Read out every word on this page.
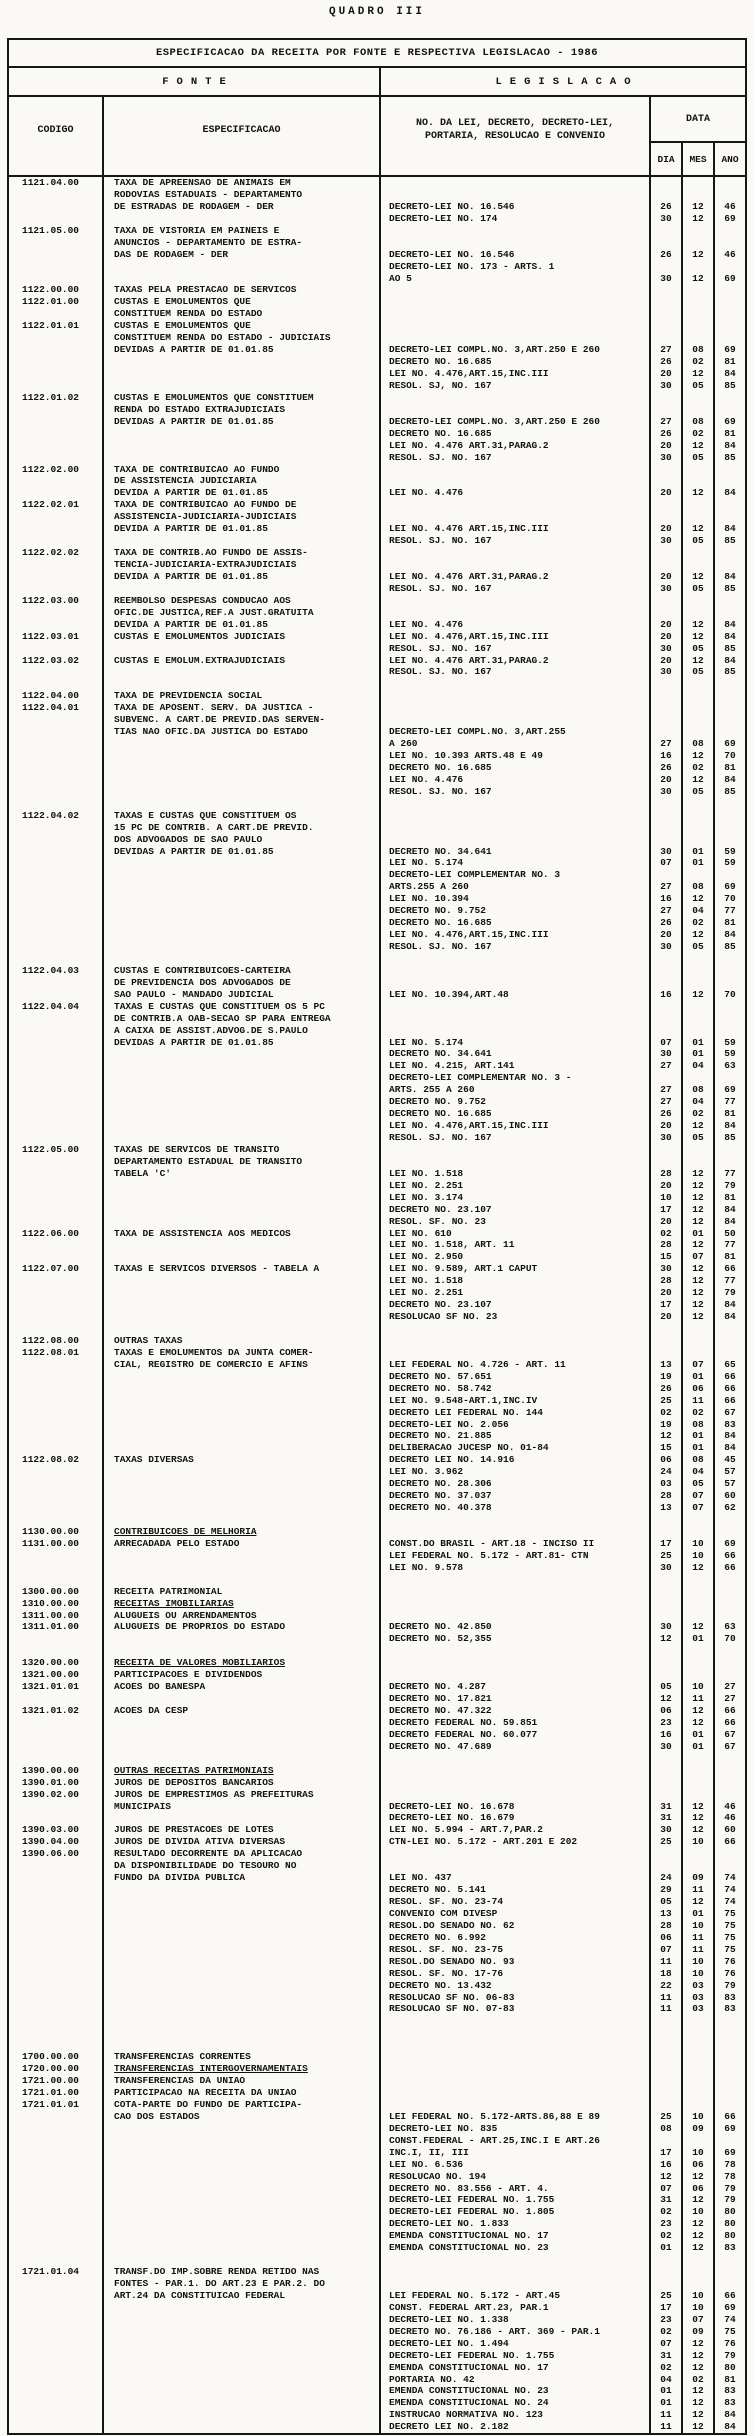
QUADRO III
ESPECIFICACAO DA RECEITA POR FONTE E RESPECTIVA LEGISLACAO - 1986
FONTE	LEGISLACAO
CODIGO	ESPECIFICACAO
NO. DA LEI, DECRETO, DECRETO-LEI,
PORTARIA, RESOLUCAO E CONVENIO
DATA
DIA	MES	ANO
1121.04.00	TAXA DE APREENSAO DE ANIMAIS EM
RODOVIAS ESTADUAIS - DEPARTAMENTO
DE ESTRADAS DE RODAGEM - DER	DECRETO-LEI NO. 16.546	26	12	46
DECRETO-LEI NO. 174	30	12	69
1121.05.00	TAXA DE VISTORIA EM PAINEIS E
ANUNCIOS - DEPARTAMENTO DE ESTRA-
DAS DE RODAGEM - DER	DECRETO-LEI NO. 16.546	26	12	46
DECRETO-LEI NO. 173 - ARTS. 1
AO 5	30	12	69
1122.00.00	TAXAS PELA PRESTACAO DE SERVICOS
1122.01.00	CUSTAS E EMOLUMENTOS QUE
CONSTITUEM RENDA DO ESTADO
1122.01.01	CUSTAS E EMOLUMENTOS QUE
CONSTITUEM RENDA DO ESTADO - JUDICIAIS
DEVIDAS A PARTIR DE 01.01.85	DECRETO-LEI COMPL.NO. 3,ART.250 E 260	27	08	69
DECRETO NO. 16.685	26	02	81
LEI NO. 4.476,ART.15,INC.III	20	12	84
RESOL. SJ, NO. 167	30	05	85
1122.01.02	CUSTAS E EMOLUMENTOS QUE CONSTITUEM
RENDA DO ESTADO EXTRAJUDICIAIS
DEVIDAS A PARTIR DE 01.01.85	DECRETO-LEI COMPL.NO. 3,ART.250 E 260	27	08	69
DECRETO NO. 16.685	26	02	81
LEI NO. 4.476 ART.31,PARAG.2	20	12	84
RESOL. SJ. NO. 167	30	05	85
1122.02.00	TAXA DE CONTRIBUICAO AO FUNDO
DE ASSISTENCIA JUDICIARIA
DEVIDA A PARTIR DE 01.01.85	LEI NO. 4.476	20	12	84
1122.02.01	TAXA DE CONTRIBUICAO AO FUNDO DE
ASSISTENCIA-JUDICIARIA-JUDICIAIS
DEVIDA A PARTIR DE 01.01.85	LEI NO. 4.476 ART.15,INC.III	20	12	84
RESOL. SJ. NO. 167	30	05	85
1122.02.02	TAXA DE CONTRIB.AO FUNDO DE ASSIS-
TENCIA-JUDICIARIA-EXTRAJUDICIAIS
DEVIDA A PARTIR DE 01.01.85	LEI NO. 4.476 ART.31,PARAG.2	20	12	84
RESOL. SJ. NO. 167	30	05	85
1122.03.00	REEMBOLSO DESPESAS CONDUCAO AOS
OFIC.DE JUSTICA,REF.A JUST.GRATUITA
DEVIDA A PARTIR DE 01.01.85	LEI NO. 4.476	20	12	84
1122.03.01	CUSTAS E EMOLUMENTOS JUDICIAIS	LEI NO. 4.476,ART.15,INC.III	20	12	84
RESOL. SJ. NO. 167	30	05	85
1122.03.02	CUSTAS E EMOLUM.EXTRAJUDICIAIS	LEI NO. 4.476 ART.31,PARAG.2	20	12	84
RESOL. SJ. NO. 167	30	05	85
1122.04.00	TAXA DE PREVIDENCIA SOCIAL
1122.04.01	TAXA DE APOSENT. SERV. DA JUSTICA -
SUBVENC. A CART.DE PREVID.DAS SERVEN-
TIAS NAO OFIC.DA JUSTICA DO ESTADO	DECRETO-LEI COMPL.NO. 3,ART.255
A 260	27	08	69
LEI NO. 10.393 ARTS.48 E 49	16	12	70
DECRETO NO. 16.685	26	02	81
LEI NO. 4.476	20	12	84
RESOL. SJ. NO. 167	30	05	85
1122.04.02	TAXAS E CUSTAS QUE CONSTITUEM OS
15 PC DE CONTRIB. A CART.DE PREVID.
DOS ADVOGADOS DE SAO PAULO
DEVIDAS A PARTIR DE 01.01.85	DECRETO NO. 34.641	30	01	59
LEI NO. 5.174	07	01	59
DECRETO-LEI COMPLEMENTAR NO. 3
ARTS.255 A 260	27	08	69
LEI NO. 10.394	16	12	70
DECRETO NO. 9.752	27	04	77
DECRETO NO. 16.685	26	02	81
LEI NO. 4.476,ART.15,INC.III	20	12	84
RESOL. SJ. NO. 167	30	05	85
1122.04.03	CUSTAS E CONTRIBUICOES-CARTEIRA
DE PREVIDENCIA DOS ADVOGADOS DE
SAO PAULO - MANDADO JUDICIAL	LEI NO. 10.394,ART.48	16	12	70
1122.04.04	TAXAS E CUSTAS QUE CONSTITUEM OS 5 PC
DE CONTRIB.A OAB-SECAO SP PARA ENTREGA
A CAIXA DE ASSIST.ADVOG.DE S.PAULO
DEVIDAS A PARTIR DE 01.01.85	LEI NO. 5.174	07	01	59
DECRETO NO. 34.641	30	01	59
LEI NO. 4.215, ART.141	27	04	63
DECRETO-LEI COMPLEMENTAR NO. 3 -
ARTS. 255 A 260	27	08	69
DECRETO NO. 9.752	27	04	77
DECRETO NO. 16.685	26	02	81
LEI NO. 4.476,ART.15,INC.III	20	12	84
RESOL. SJ. NO. 167	30	05	85
1122.05.00	TAXAS DE SERVICOS DE TRANSITO
DEPARTAMENTO ESTADUAL DE TRANSITO
TABELA 'C'	LEI NO. 1.518	28	12	77
LEI NO. 2.251	20	12	79
LEI NO. 3.174	10	12	81
DECRETO NO. 23.107	17	12	84
RESOL. SF. NO. 23	20	12	84
1122.06.00	TAXA DE ASSISTENCIA AOS MEDICOS	LEI NO. 610	02	01	50
LEI NO. 1.518, ART. 11	28	12	77
LEI NO. 2.950	15	07	81
1122.07.00	TAXAS E SERVICOS DIVERSOS - TABELA A	LEI NO. 9.589, ART.1 CAPUT	30	12	66
LEI NO. 1.518	28	12	77
LEI NO. 2.251	20	12	79
DECRETO NO. 23.107	17	12	84
RESOLUCAO SF NO. 23	20	12	84
1122.08.00	OUTRAS TAXAS
1122.08.01	TAXAS E EMOLUMENTOS DA JUNTA COMER-
CIAL, REGISTRO DE COMERCIO E AFINS	LEI FEDERAL NO. 4.726 - ART. 11	13	07	65
DECRETO NO. 57.651	19	01	66
DECRETO NO. 58.742	26	06	66
LEI NO. 9.548-ART.1,INC.IV	25	11	66
DECRETO LEI FEDERAL NO. 144	02	02	67
DECRETO-LEI NO. 2.056	19	08	83
DECRETO NO. 21.885	12	01	84
DELIBERACAO JUCESP NO. 01-84	15	01	84
1122.08.02	TAXAS DIVERSAS	DECRETO LEI NO. 14.916	06	08	45
LEI NO. 3.962	24	04	57
DECRETO NO. 28.306	03	05	57
DECRETO NO. 37.037	28	07	60
DECRETO NO. 40.378	13	07	62
1130.00.00	CONTRIBUICOES DE MELHORIA
1131.00.00	ARRECADADA PELO ESTADO	CONST.DO BRASIL - ART.18 - INCISO II	17	10	69
LEI FEDERAL NO. 5.172 - ART.81- CTN	25	10	66
LEI NO. 9.578	30	12	66
1300.00.00	RECEITA PATRIMONIAL
1310.00.00	RECEITAS IMOBILIARIAS
1311.00.00	ALUGUEIS OU ARRENDAMENTOS
1311.01.00	ALUGUEIS DE PROPRIOS DO ESTADO	DECRETO NO. 42.850	30	12	63
DECRETO NO. 52,355	12	01	70
1320.00.00	RECEITA DE VALORES MOBILIARIOS
1321.00.00	PARTICIPACOES E DIVIDENDOS
1321.01.01	ACOES DO BANESPA	DECRETO NO. 4.287	05	10	27
DECRETO NO. 17.821	12	11	27
1321.01.02	ACOES DA CESP	DECRETO NO. 47.322	06	12	66
DECRETO FEDERAL NO. 59.851	23	12	66
DECRETO FEDERAL NO. 60.077	16	01	67
DECRETO NO. 47.689	30	01	67
1390.00.00	OUTRAS RECEITAS PATRIMONIAIS
1390.01.00	JUROS DE DEPOSITOS BANCARIOS
1390.02.00	JUROS DE EMPRESTIMOS AS PREFEITURAS
MUNICIPAIS	DECRETO-LEI NO. 16.678	31	12	46
DECRETO-LEI NO. 16.679	31	12	46
1390.03.00	JUROS DE PRESTACOES DE LOTES	LEI NO. 5.994 - ART.7,PAR.2	30	12	60
1390.04.00	JUROS DE DIVIDA ATIVA DIVERSAS	CTN-LEI NO. 5.172 - ART.201 E 202	25	10	66
1390.06.00	RESULTADO DECORRENTE DA APLICACAO
DA DISPONIBILIDADE DO TESOURO NO
FUNDO DA DIVIDA PUBLICA	LEI NO. 437	24	09	74
DECRETO NO. 5.141	29	11	74
RESOL. SF. NO. 23-74	05	12	74
CONVENIO COM DIVESP	13	01	75
RESOL.DO SENADO NO. 62	28	10	75
DECRETO NO. 6.992	06	11	75
RESOL. SF. NO. 23-75	07	11	75
RESOL.DO SENADO NO. 93	11	10	76
RESOL. SF. NO. 17-76	18	10	76
DECRETO NO. 13.432	22	03	79
RESOLUCAO SF NO. 06-83	11	03	83
RESOLUCAO SF NO. 07-83	11	03	83
1700.00.00	TRANSFERENCIAS CORRENTES
1720.00.00	TRANSFERENCIAS INTERGOVERNAMENTAIS
1721.00.00	TRANSFERENCIAS DA UNIAO
1721.01.00	PARTICIPACAO NA RECEITA DA UNIAO
1721.01.01	COTA-PARTE DO FUNDO DE PARTICIPA-
CAO DOS ESTADOS	LEI FEDERAL NO. 5.172-ARTS.86,88 E 89	25	10	66
DECRETO-LEI NO. 835	08	09	69
CONST.FEDERAL - ART.25,INC.I E ART.26
INC.I, II, III	17	10	69
LEI NO. 6.536	16	06	78
RESOLUCAO NO. 194	12	12	78
DECRETO NO. 83.556 - ART. 4.	07	06	79
DECRETO-LEI FEDERAL NO. 1.755	31	12	79
DECRETO-LEI FEDERAL NO. 1.805	02	10	80
DECRETO-LEI NO. 1.833	23	12	80
EMENDA CONSTITUCIONAL NO. 17	02	12	80
EMENDA CONSTITUCIONAL NO. 23	01	12	83
1721.01.04	TRANSF.DO IMP.SOBRE RENDA RETIDO NAS
FONTES - PAR.1. DO ART.23 E PAR.2. DO
ART.24 DA CONSTITUICAO FEDERAL	LEI FEDERAL NO. 5.172 - ART.45	25	10	66
CONST. FEDERAL ART.23, PAR.1	17	10	69
DECRETO-LEI NO. 1.338	23	07	74
DECRETO NO. 76.186 - ART. 369 - PAR.1	02	09	75
DECRETO-LEI NO. 1.494	07	12	76
DECRETO-LEI FEDERAL NO. 1.755	31	12	79
EMENDA CONSTITUCIONAL NO. 17	02	12	80
PORTARIA NO. 42	04	02	81
EMENDA CONSTITUCIONAL NO. 23	01	12	83
EMENDA CONSTITUCIONAL NO. 24	01	12	83
INSTRUCAO NORMATIVA NO. 123	11	12	84
DECRETO LEI NO. 2.182	11	12	84
